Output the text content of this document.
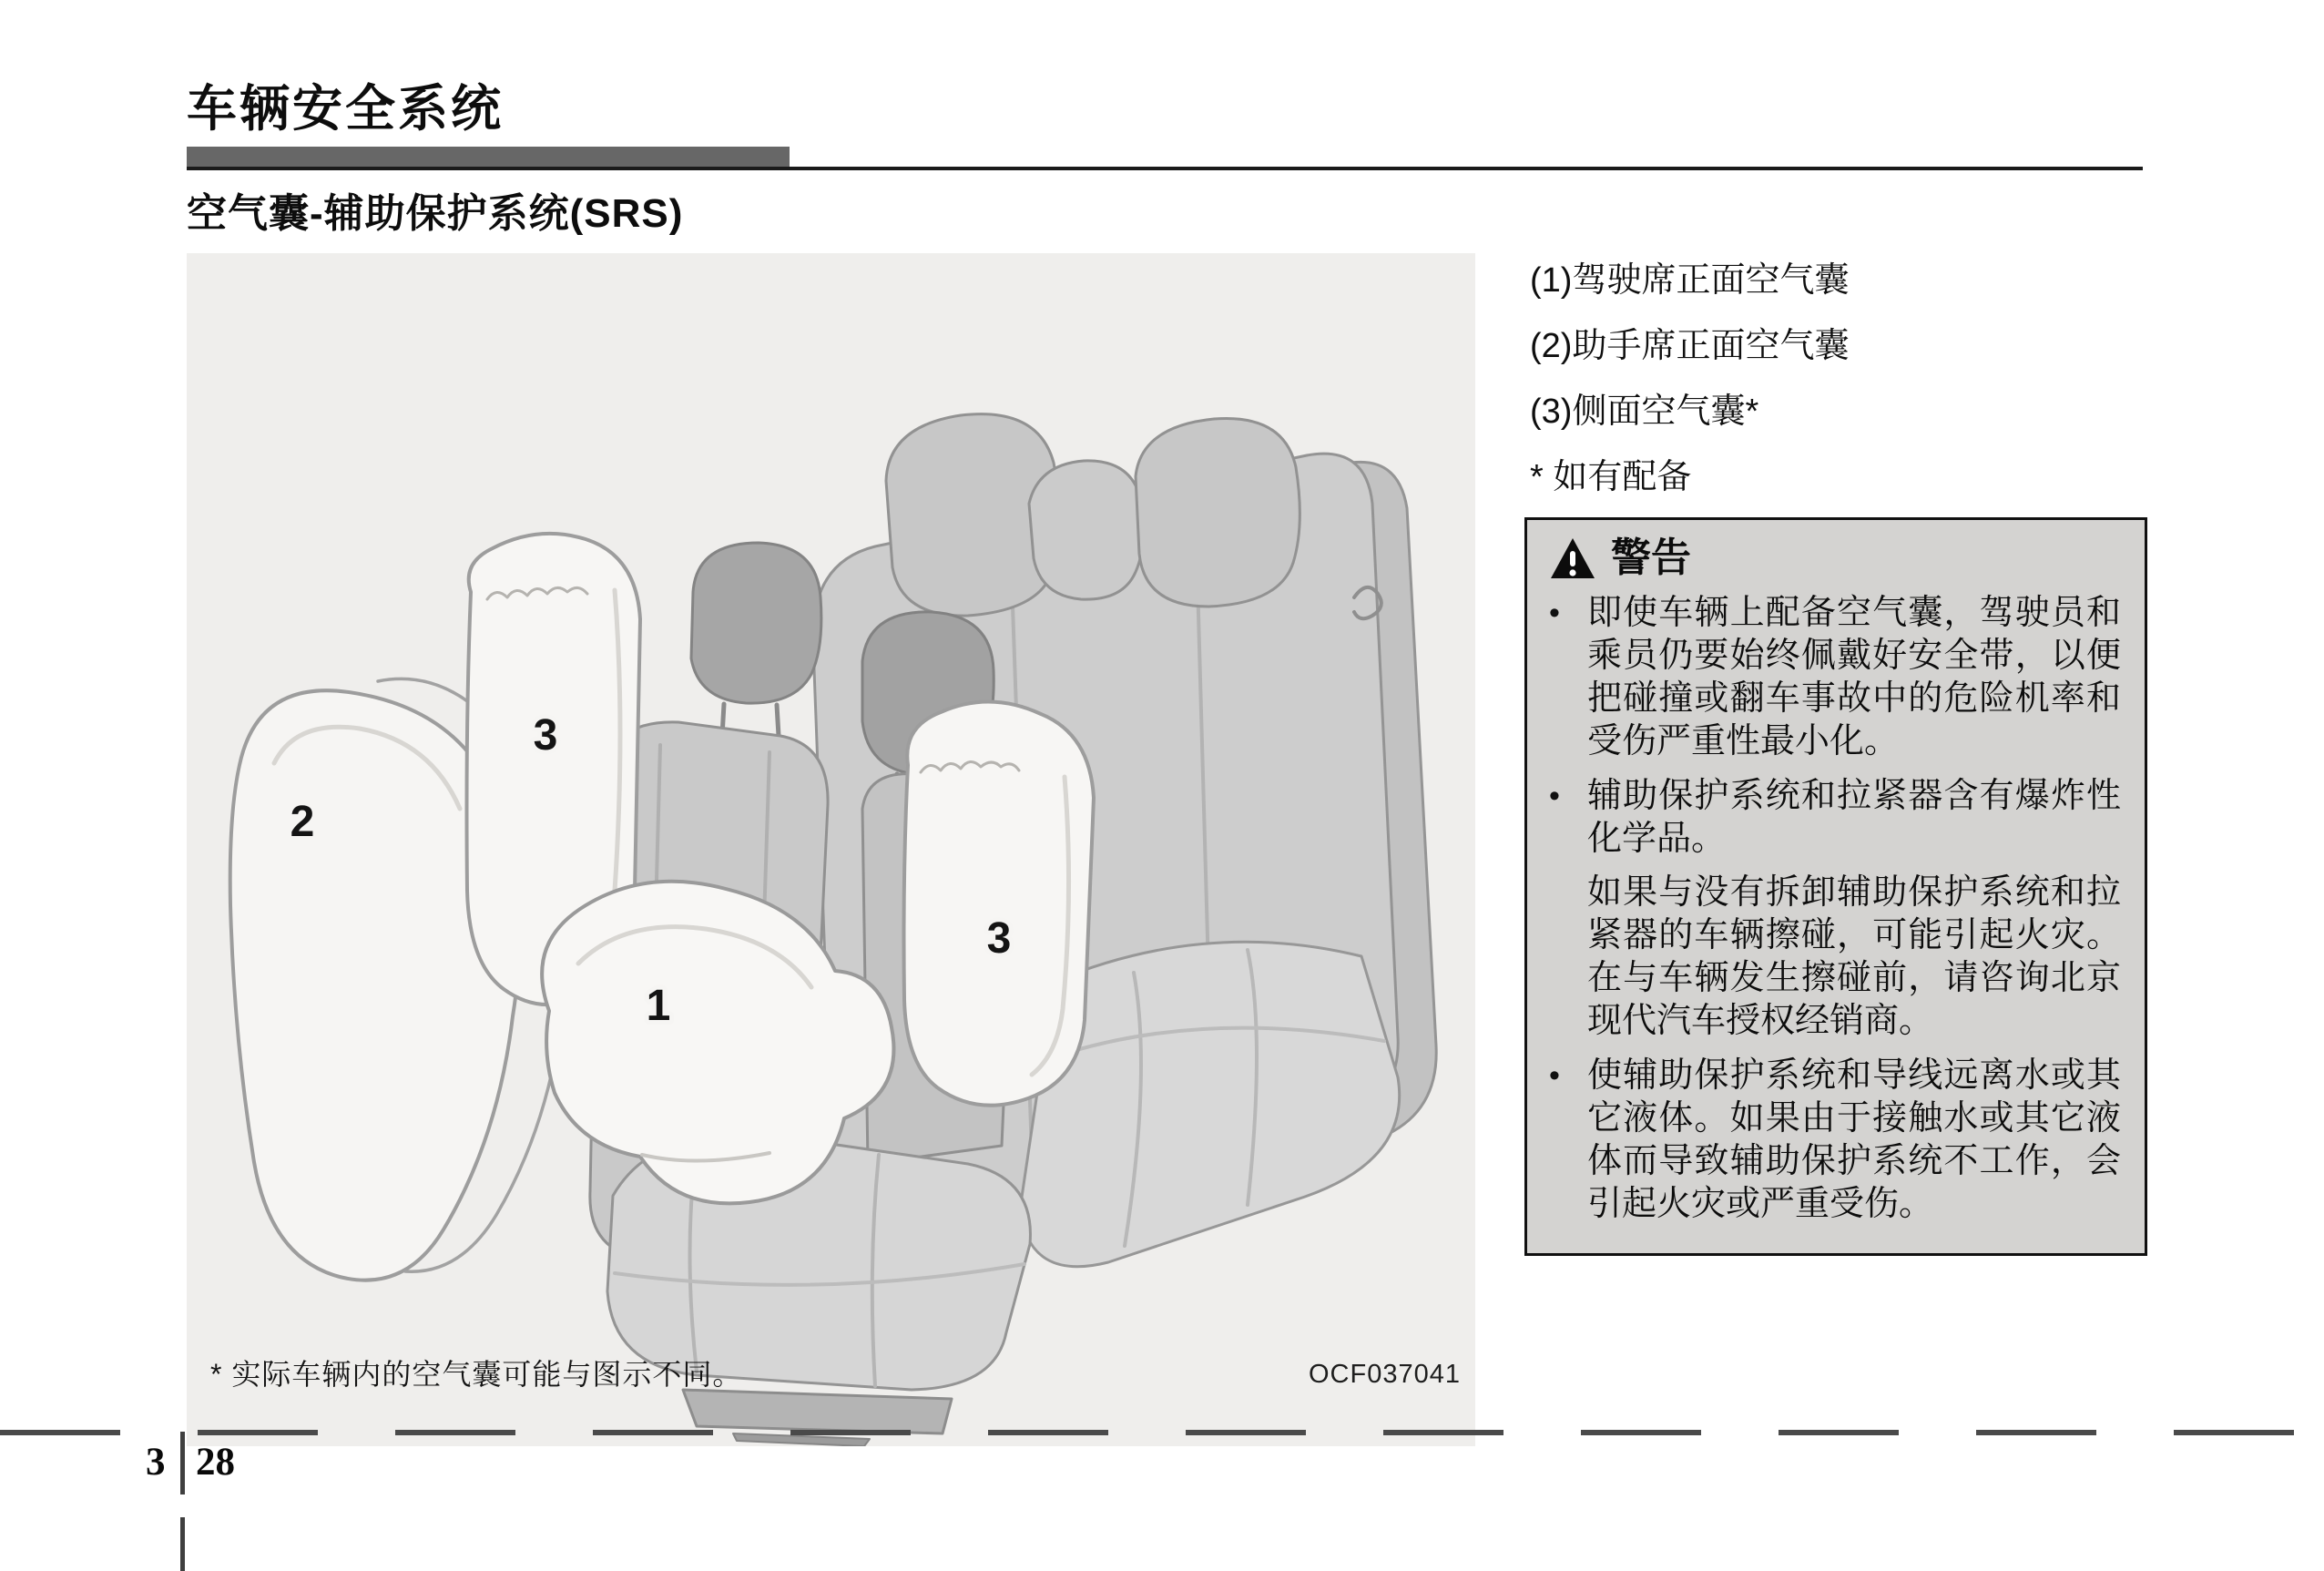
车辆安全系统
空气囊-辅助保护系统(SRS)
2
3
1
3
* 实际车辆内的空气囊可能与图示不同。	OCF037041
(1)驾驶席正面空气囊
(2)助手席正面空气囊
(3)侧面空气囊*
* 如有配备
警告
• 即使车辆上配备空气囊，驾驶员和乘员仍要始终佩戴好安全带，以便把碰撞或翻车事故中的危险机率和受伤严重性最小化。
• 辅助保护系统和拉紧器含有爆炸性化学品。
如果与没有拆卸辅助保护系统和拉紧器的车辆擦碰，可能引起火灾。在与车辆发生擦碰前，请咨询北京现代汽车授权经销商。
• 使辅助保护系统和导线远离水或其它液体。如果由于接触水或其它液体而导致辅助保护系统不工作，会引起火灾或严重受伤。
3 28
